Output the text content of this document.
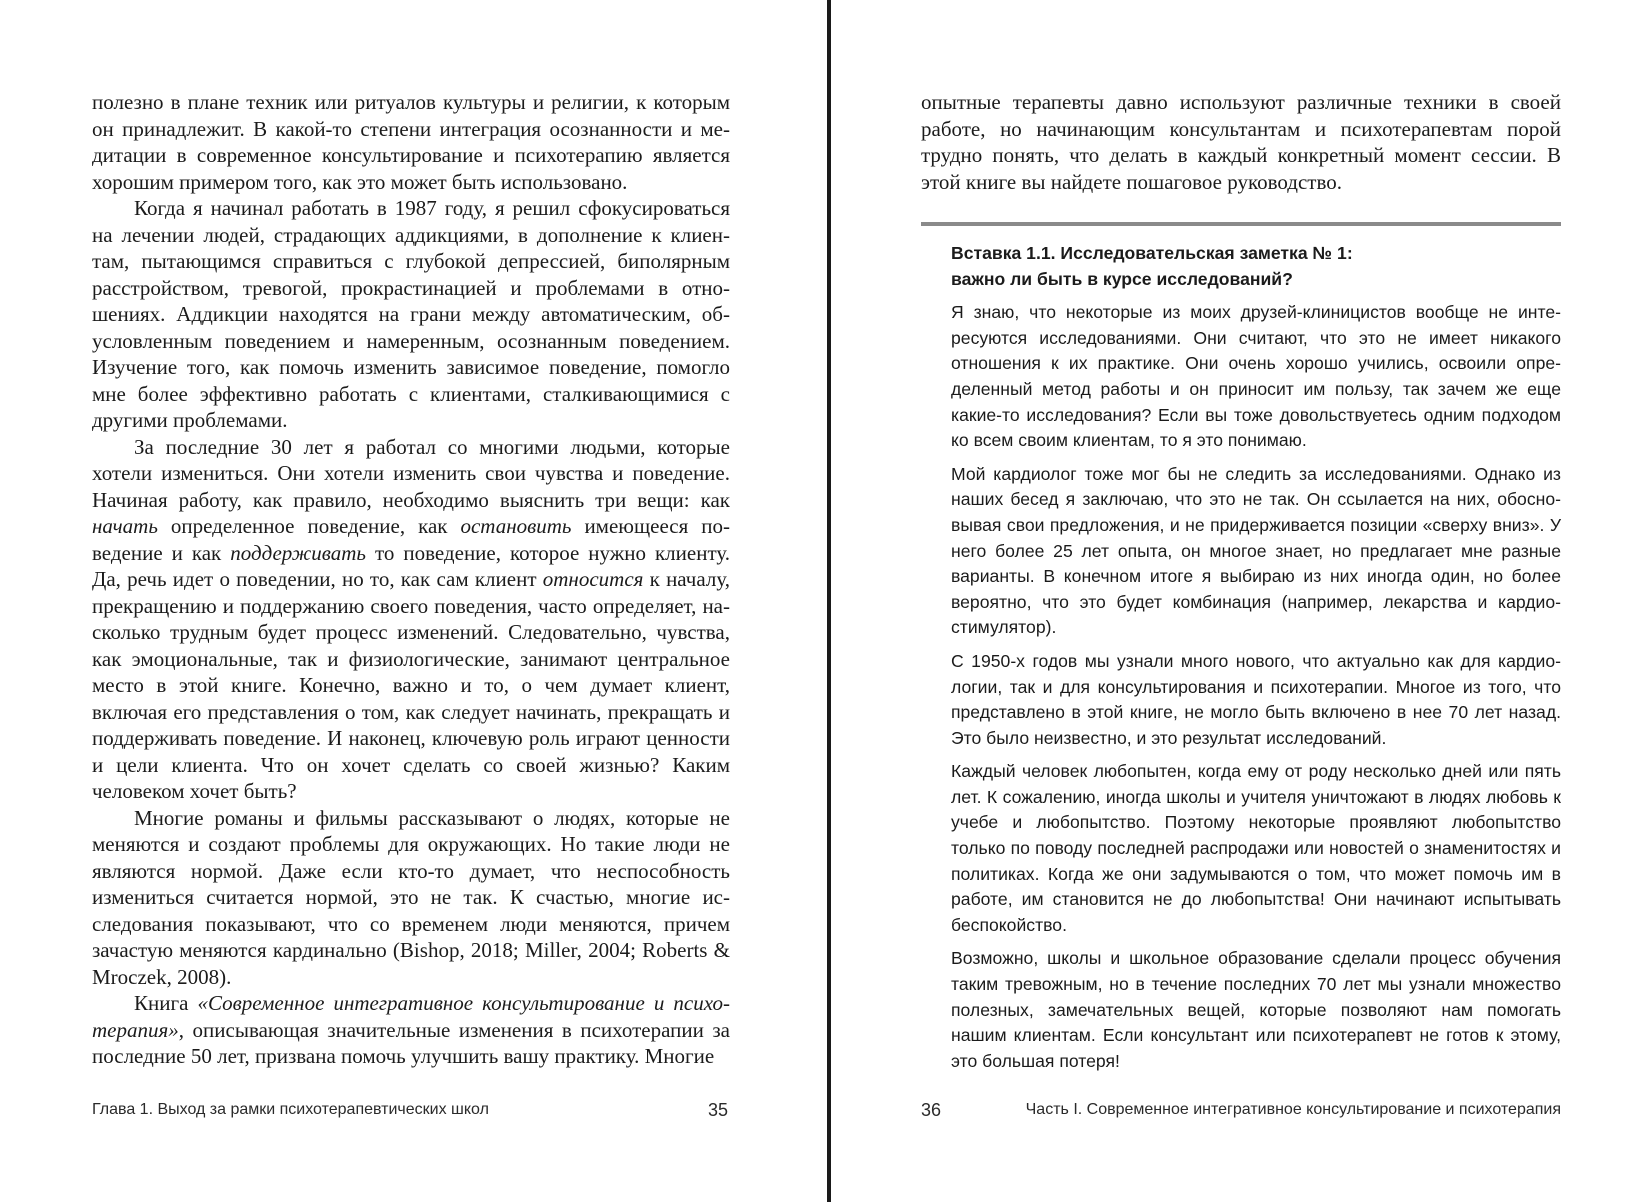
полезно в плане техник или ритуалов культуры и религии, к которым он принадлежит. В какой-то степени интеграция осознанности и медитации в современное консультирование и психотерапию является хорошим примером того, как это может быть использовано.

Когда я начинал работать в 1987 году, я решил сфокусироваться на лечении людей, страдающих аддикциями, в дополнение к клиентам, пытающимся справиться с глубокой депрессией, биполярным расстройством, тревогой, прокрастинацией и проблемами в отношениях. Аддикции находятся на грани между автоматическим, обусловленным поведением и намеренным, осознанным поведением. Изучение того, как помочь изменить зависимое поведение, помогло мне более эффективно работать с клиентами, сталкивающимися с другими проблемами.

За последние 30 лет я работал со многими людьми, которые хотели измениться. Они хотели изменить свои чувства и поведение. Начиная работу, как правило, необходимо выяснить три вещи: как начать определенное поведение, как остановить имеющееся поведение и как поддерживать то поведение, которое нужно клиенту. Да, речь идет о поведении, но то, как сам клиент относится к началу, прекращению и поддержанию своего поведения, часто определяет, насколько трудным будет процесс изменений. Следовательно, чувства, как эмоциональные, так и физиологические, занимают центральное место в этой книге. Конечно, важно и то, о чем думает клиент, включая его представления о том, как следует начинать, прекращать и поддерживать поведение. И наконец, ключевую роль играют ценности и цели клиента. Что он хочет сделать со своей жизнью? Каким человеком хочет быть?

Многие романы и фильмы рассказывают о людях, которые не меняются и создают проблемы для окружающих. Но такие люди не являются нормой. Даже если кто-то думает, что неспособность измениться считается нормой, это не так. К счастью, многие исследования показывают, что со временем люди меняются, причем зачастую меняются кардинально (Bishop, 2018; Miller, 2004; Roberts & Mroczek, 2008).

Книга «Современное интегративное консультирование и психотерапия», описывающая значительные изменения в психотерапии за последние 50 лет, призвана помочь улучшить вашу практику. Многие

Глава 1. Выход за рамки психотерапевтических школ	35

опытные терапевты давно используют различные техники в своей работе, но начинающим консультантам и психотерапевтам порой трудно понять, что делать в каждый конкретный момент сессии. В этой книге вы найдете пошаговое руководство.

Вставка 1.1. Исследовательская заметка № 1:
важно ли быть в курсе исследований?

Я знаю, что некоторые из моих друзей-клиницистов вообще не интересуются исследованиями. Они считают, что это не имеет никакого отношения к их практике. Они очень хорошо учились, освоили определенный метод работы и он приносит им пользу, так зачем же еще какие-то исследования? Если вы тоже довольствуетесь одним подходом ко всем своим клиентам, то я это понимаю.

Мой кардиолог тоже мог бы не следить за исследованиями. Однако из наших бесед я заключаю, что это не так. Он ссылается на них, обосновывая свои предложения, и не придерживается позиции «сверху вниз». У него более 25 лет опыта, он многое знает, но предлагает мне разные варианты. В конечном итоге я выбираю из них иногда один, но более вероятно, что это будет комбинация (например, лекарства и кардиостимулятор).

С 1950-х годов мы узнали много нового, что актуально как для кардиологии, так и для консультирования и психотерапии. Многое из того, что представлено в этой книге, не могло быть включено в нее 70 лет назад. Это было неизвестно, и это результат исследований.

Каждый человек любопытен, когда ему от роду несколько дней или пять лет. К сожалению, иногда школы и учителя уничтожают в людях любовь к учебе и любопытство. Поэтому некоторые проявляют любопытство только по поводу последней распродажи или новостей о знаменитостях и политиках. Когда же они задумываются о том, что может помочь им в работе, им становится не до любопытства! Они начинают испытывать беспокойство.

Возможно, школы и школьное образование сделали процесс обучения таким тревожным, но в течение последних 70 лет мы узнали множество полезных, замечательных вещей, которые позволяют нам помогать нашим клиентам. Если консультант или психотерапевт не готов к этому, это большая потеря!

36	Часть I. Современное интегративное консультирование и психотерапия
